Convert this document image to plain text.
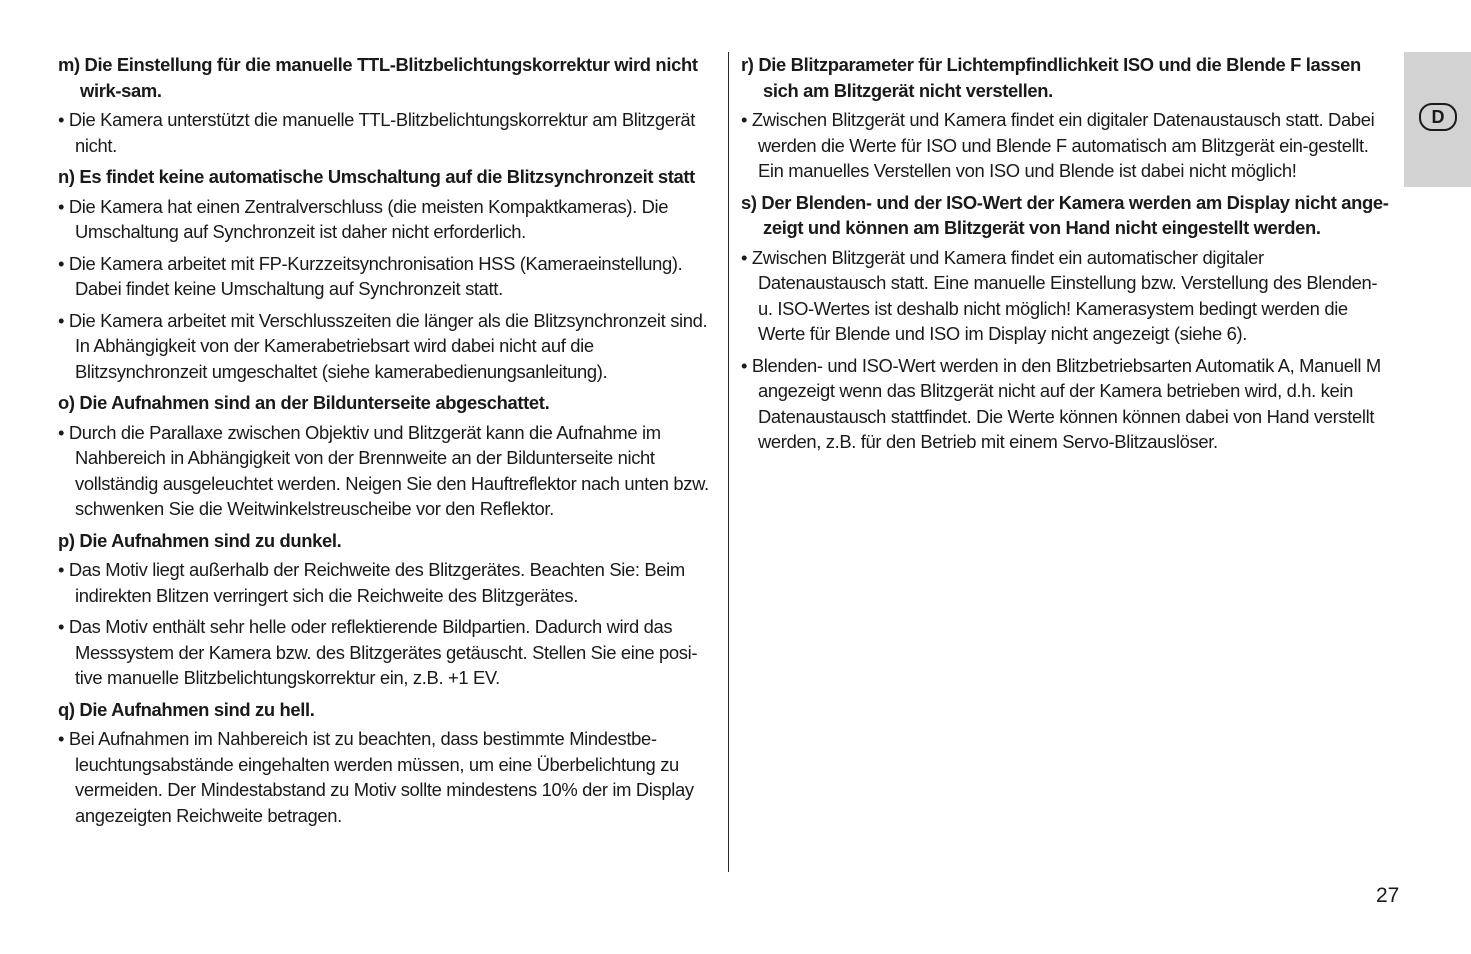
m) Die Einstellung für die manuelle TTL-Blitzbelichtungskorrektur wird nicht wirk-sam.

• Die Kamera unterstützt die manuelle TTL-Blitzbelichtungskorrektur am Blitzgerät nicht.

n) Es findet keine automatische Umschaltung auf die Blitzsynchronzeit statt

• Die Kamera hat einen Zentralverschluss (die meisten Kompaktkameras). Die Umschaltung auf Synchronzeit ist daher nicht erforderlich.

• Die Kamera arbeitet mit FP-Kurzzeitsynchronisation HSS (Kameraeinstellung). Dabei findet keine Umschaltung auf Synchronzeit statt.

• Die Kamera arbeitet mit Verschlusszeiten die länger als die Blitzsynchronzeit sind. In Abhängigkeit von der Kamerabetriebsart wird dabei nicht auf die Blitzsynchronzeit umgeschaltet (siehe kamerabedienungsanleitung).

o) Die Aufnahmen sind an der Bildunterseite abgeschattet.

• Durch die Parallaxe zwischen Objektiv und Blitzgerät kann die Aufnahme im Nahbereich in Abhängigkeit von der Brennweite an der Bildunterseite nicht vollständig ausgeleuchtet werden. Neigen Sie den Hauftreflektor nach unten bzw. schwenken Sie die Weitwinkelstreuscheibe vor den Reflektor.

p) Die Aufnahmen sind zu dunkel.

• Das Motiv liegt außerhalb der Reichweite des Blitzgerätes. Beachten Sie: Beim indirekten Blitzen verringert sich die Reichweite des Blitzgerätes.

• Das Motiv enthält sehr helle oder reflektierende Bildpartien. Dadurch wird das Messsystem der Kamera bzw. des Blitzgerätes getäuscht. Stellen Sie eine posi-tive manuelle Blitzbelichtungskorrektur ein, z.B. +1 EV.

q) Die Aufnahmen sind zu hell.

• Bei Aufnahmen im Nahbereich ist zu beachten, dass bestimmte Mindestbe-leuchtungsabstände eingehalten werden müssen, um eine Überbelichtung zu vermeiden. Der Mindestabstand zu Motiv sollte mindestens 10% der im Display angezeigten Reichweite betragen.

r) Die Blitzparameter für Lichtempfindlichkeit ISO und die Blende F lassen sich am Blitzgerät nicht verstellen.

• Zwischen Blitzgerät und Kamera findet ein digitaler Datenaustausch statt. Dabei werden die Werte für ISO und Blende F automatisch am Blitzgerät ein-gestellt. Ein manuelles Verstellen von ISO und Blende ist dabei nicht möglich!

s) Der Blenden- und der ISO-Wert der Kamera werden am Display nicht ange-zeigt und können am Blitzgerät von Hand nicht eingestellt werden.

• Zwischen Blitzgerät und Kamera findet ein automatischer digitaler Datenaustausch statt. Eine manuelle Einstellung bzw. Verstellung des Blenden-u. ISO-Wertes ist deshalb nicht möglich! Kamerasystem bedingt werden die Werte für Blende und ISO im Display nicht angezeigt (siehe 6).

• Blenden- und ISO-Wert werden in den Blitzbetriebsarten Automatik A, Manuell M angezeigt wenn das Blitzgerät nicht auf der Kamera betrieben wird, d.h. kein Datenaustausch stattfindet. Die Werte können können dabei von Hand verstellt werden, z.B. für den Betrieb mit einem Servo-Blitzauslöser.

D
27
